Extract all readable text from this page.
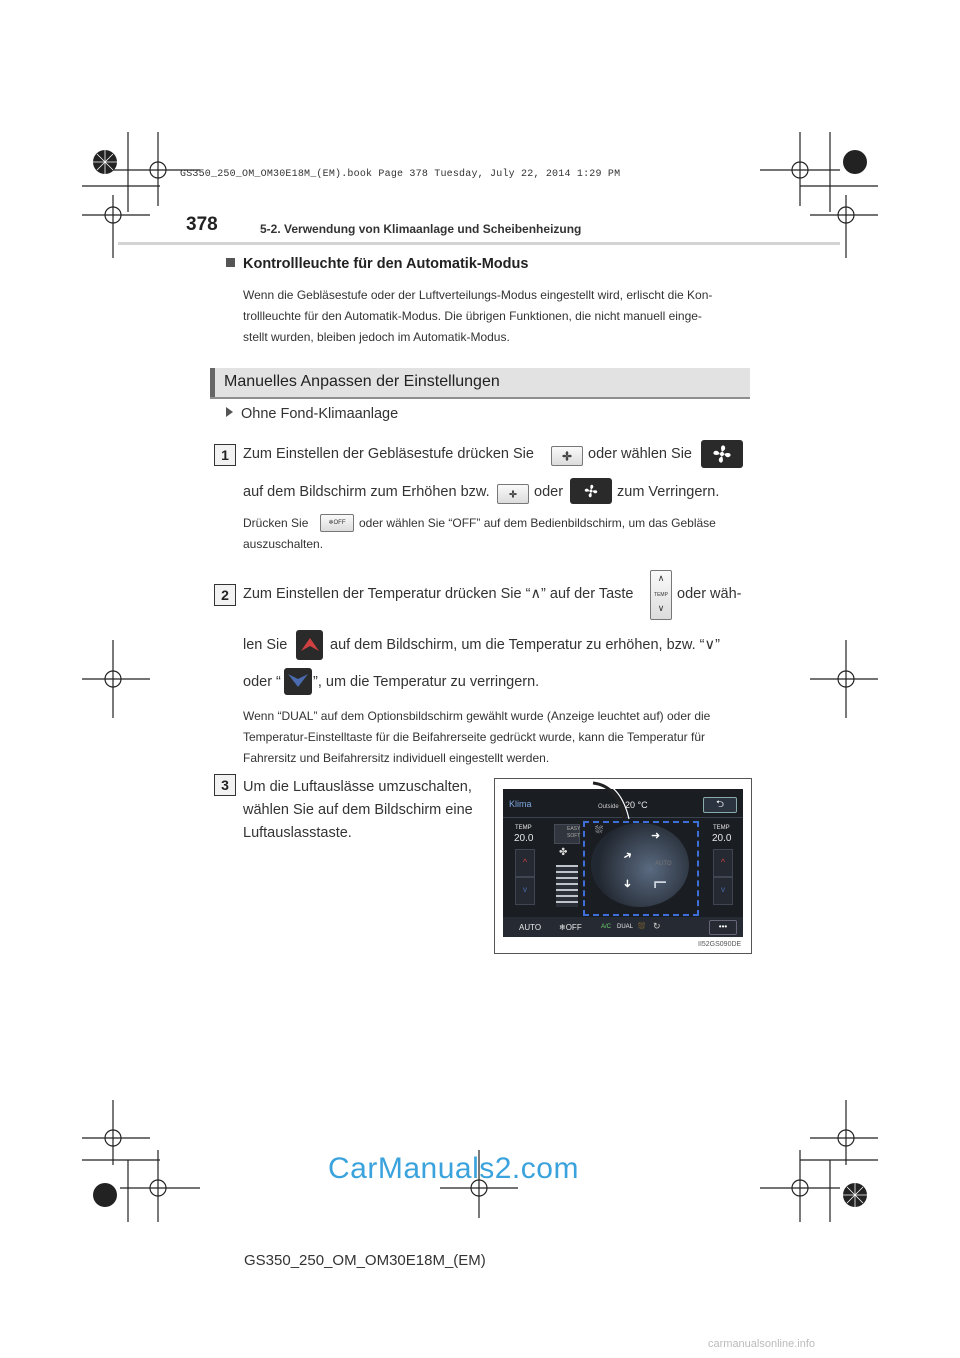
GS350_250_OM_OM30E18M_(EM).book Page 378 Tuesday, July 22, 2014 1:29 PM
378	5-2. Verwendung von Klimaanlage und Scheibenheizung
Kontrollleuchte für den Automatik-Modus
Wenn die Gebläsestufe oder der Luftverteilungs-Modus eingestellt wird, erlischt die Kon-
trollleuchte für den Automatik-Modus. Die übrigen Funktionen, die nicht manuell einge-
stellt wurden, bleiben jedoch im Automatik-Modus.
Manuelles Anpassen der Einstellungen
Ohne Fond-Klimaanlage
1 Zum Einstellen der Gebläsestufe drücken Sie	oder wählen Sie
auf dem Bildschirm zum Erhöhen bzw.	oder	zum Verringern.
Drücken Sie	❄OFF	oder wählen Sie “OFF” auf dem Bedienbildschirm, um das Gebläse
auszuschalten.
2 Zum Einstellen der Temperatur drücken Sie “∧” auf der Taste
∧
TEMP
∨
oder wäh-
len Sie	auf dem Bildschirm, um die Temperatur zu erhöhen, bzw. “∨”
oder “ ”, um die Temperatur zu verringern.
Wenn “DUAL” auf dem Optionsbildschirm gewählt wurde (Anzeige leuchtet auf) oder die
Temperatur-Einstelltaste für die Beifahrerseite gedrückt wurde, kann die Temperatur für
Fahrersitz und Beifahrersitz individuell eingestellt werden.
3 Um die Luftauslässe umzuschalten,
wählen Sie auf dem Bildschirm eine
Luftauslasstaste.
Klima	Outside 20 °C	⮌
TEMP
20.0
^
v
EASY
SOFT
✤
⛆	➜
➜
➜
AUTO
⌐
TEMP
20.0
^
v
AUTO ❄OFF	A/C DUAL ⛆ ↻	•••
II52GS090DE
CarManuals2.com
GS350_250_OM_OM30E18M_(EM)
carmanualsonline.info
